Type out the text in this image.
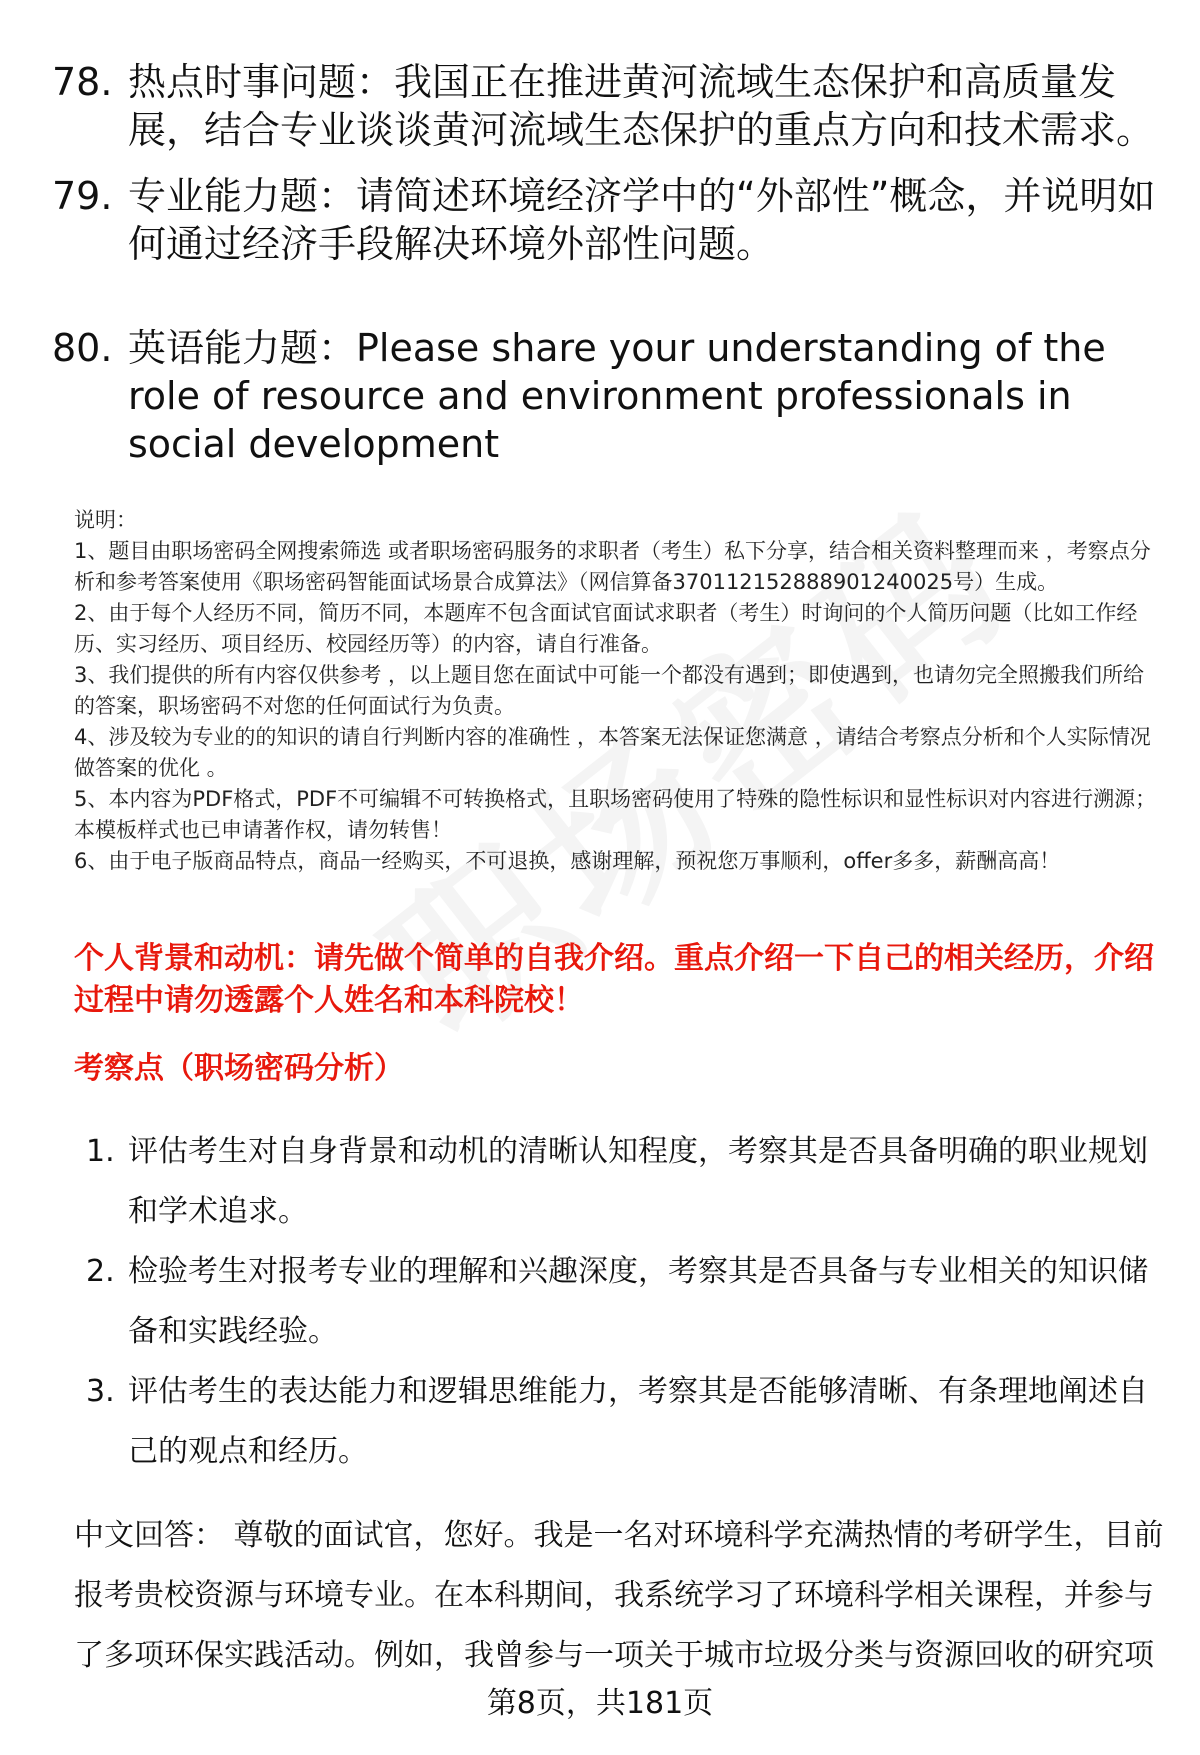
78. 热点时事问题：我国正在推进黄河流域生态保护和高质量发展，结合专业谈谈黄河流域生态保护的重点方向和技术需求。
79. 专业能力题：请简述环境经济学中的“外部性”概念，并说明如何通过经济手段解决环境外部性问题。
80. 英语能力题：Please share your understanding of the role of resource and environment professionals in social development
说明：
1、题目由职场密码全网搜索筛选 或者职场密码服务的求职者（考生）私下分享，结合相关资料整理而来 ，考察点分析和参考答案使用《职场密码智能面试场景合成算法》（网信算备370112152888901240025号）生成。
2、由于每个人经历不同，简历不同，本题库不包含面试官面试求职者（考生）时询问的个人简历问题（比如工作经历、实习经历、项目经历、校园经历等）的内容，请自行准备。
3、我们提供的所有内容仅供参考 ，以上题目您在面试中可能一个都没有遇到；即使遇到，也请勿完全照搬我们所给的答案，职场密码不对您的任何面试行为负责。
4、涉及较为专业的的知识的请自行判断内容的准确性 ，本答案无法保证您满意 ，请结合考察点分析和个人实际情况做答案的优化 。
5、本内容为PDF格式，PDF不可编辑不可转换格式，且职场密码使用了特殊的隐性标识和显性标识对内容进行溯源；本模板样式也已申请著作权，请勿转售！
6、由于电子版商品特点，商品一经购买，不可退换，感谢理解，预祝您万事顺利，offer多多，薪酬高高！
个人背景和动机：请先做个简单的自我介绍。重点介绍一下自己的相关经历，介绍过程中请勿透露个人姓名和本科院校！
考察点（职场密码分析）
1. 评估考生对自身背景和动机的清晰认知程度，考察其是否具备明确的职业规划和学术追求。
2. 检验考生对报考专业的理解和兴趣深度，考察其是否具备与专业相关的知识储备和实践经验。
3. 评估考生的表达能力和逻辑思维能力，考察其是否能够清晰、有条理地阐述自己的观点和经历。
中文回答： 尊敬的面试官，您好。我是一名对环境科学充满热情的考研学生，目前报考贵校资源与环境专业。在本科期间，我系统学习了环境科学相关课程，并参与了多项环保实践活动。例如，我曾参与一项关于城市垃圾分类与资源回收的研究项
第8页，共181页
